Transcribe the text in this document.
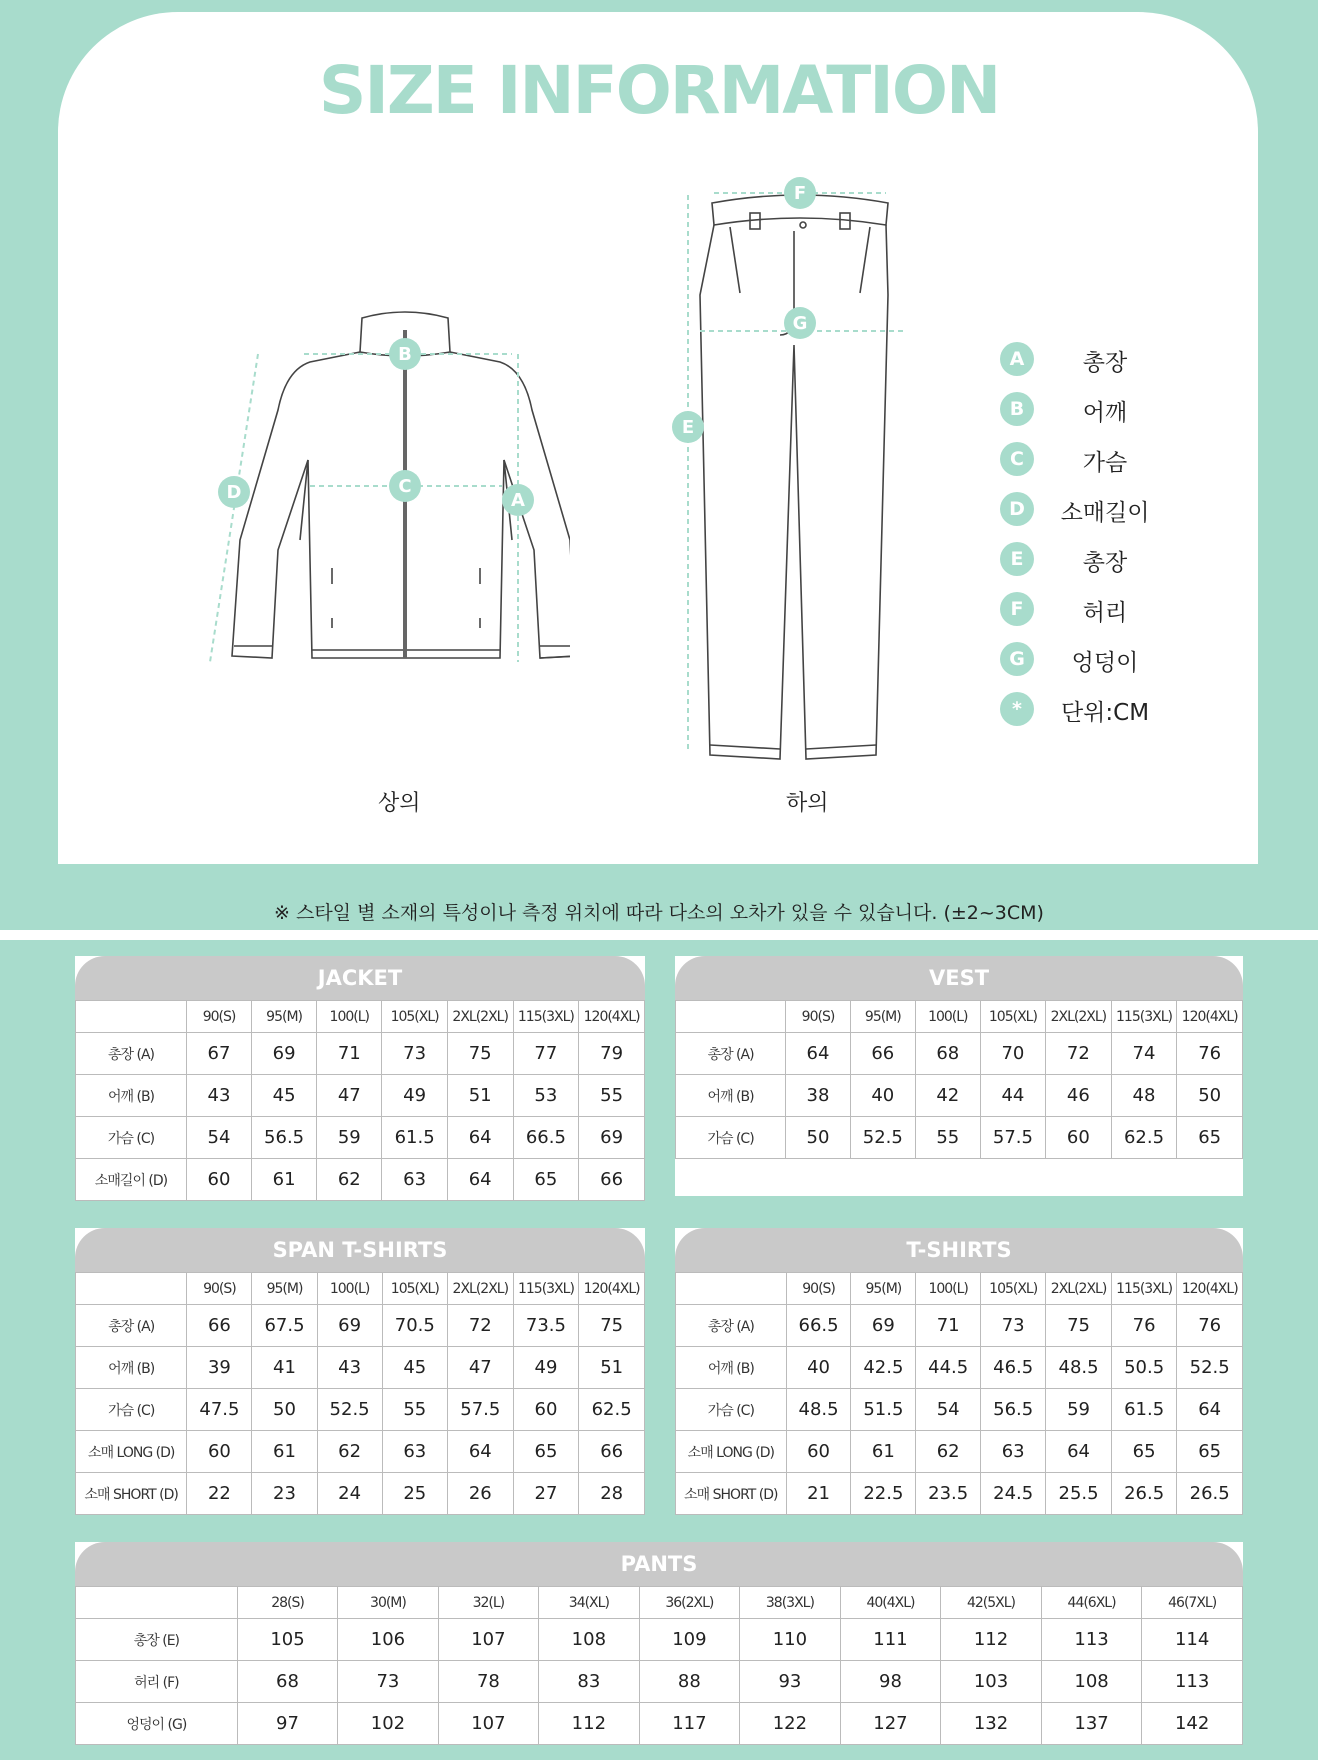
SIZE INFORMATION
B
C
D	A
F
G
E
상의	하의
A	총장
B	어깨
C	가슴
D	소매길이
E	총장
F	허리
G	엉덩이
*	단위:CM
※ 스타일 별 소재의 특성이나 측정 위치에 따라 다소의 오차가 있을 수 있습니다. (±2~3CM)
JACKET
	90(S)	95(M)	100(L)	105(XL)	2XL(2XL)	115(3XL)	120(4XL)
총장 (A)	67	69	71	73	75	77	79
어깨 (B)	43	45	47	49	51	53	55
가슴 (C)	54	56.5	59	61.5	64	66.5	69
소매길이 (D)	60	61	62	63	64	65	66
VEST
	90(S)	95(M)	100(L)	105(XL)	2XL(2XL)	115(3XL)	120(4XL)
총장 (A)	64	66	68	70	72	74	76
어깨 (B)	38	40	42	44	46	48	50
가슴 (C)	50	52.5	55	57.5	60	62.5	65
SPAN T-SHIRTS
	90(S)	95(M)	100(L)	105(XL)	2XL(2XL)	115(3XL)	120(4XL)
총장 (A)	66	67.5	69	70.5	72	73.5	75
어깨 (B)	39	41	43	45	47	49	51
가슴 (C)	47.5	50	52.5	55	57.5	60	62.5
소매 LONG (D)	60	61	62	63	64	65	66
소매 SHORT (D)	22	23	24	25	26	27	28
T-SHIRTS
	90(S)	95(M)	100(L)	105(XL)	2XL(2XL)	115(3XL)	120(4XL)
총장 (A)	66.5	69	71	73	75	76	76
어깨 (B)	40	42.5	44.5	46.5	48.5	50.5	52.5
가슴 (C)	48.5	51.5	54	56.5	59	61.5	64
소매 LONG (D)	60	61	62	63	64	65	65
소매 SHORT (D)	21	22.5	23.5	24.5	25.5	26.5	26.5
PANTS
	28(S)	30(M)	32(L)	34(XL)	36(2XL)	38(3XL)	40(4XL)	42(5XL)	44(6XL)	46(7XL)
총장 (E)	105	106	107	108	109	110	111	112	113	114
허리 (F)	68	73	78	83	88	93	98	103	108	113
엉덩이 (G)	97	102	107	112	117	122	127	132	137	142
